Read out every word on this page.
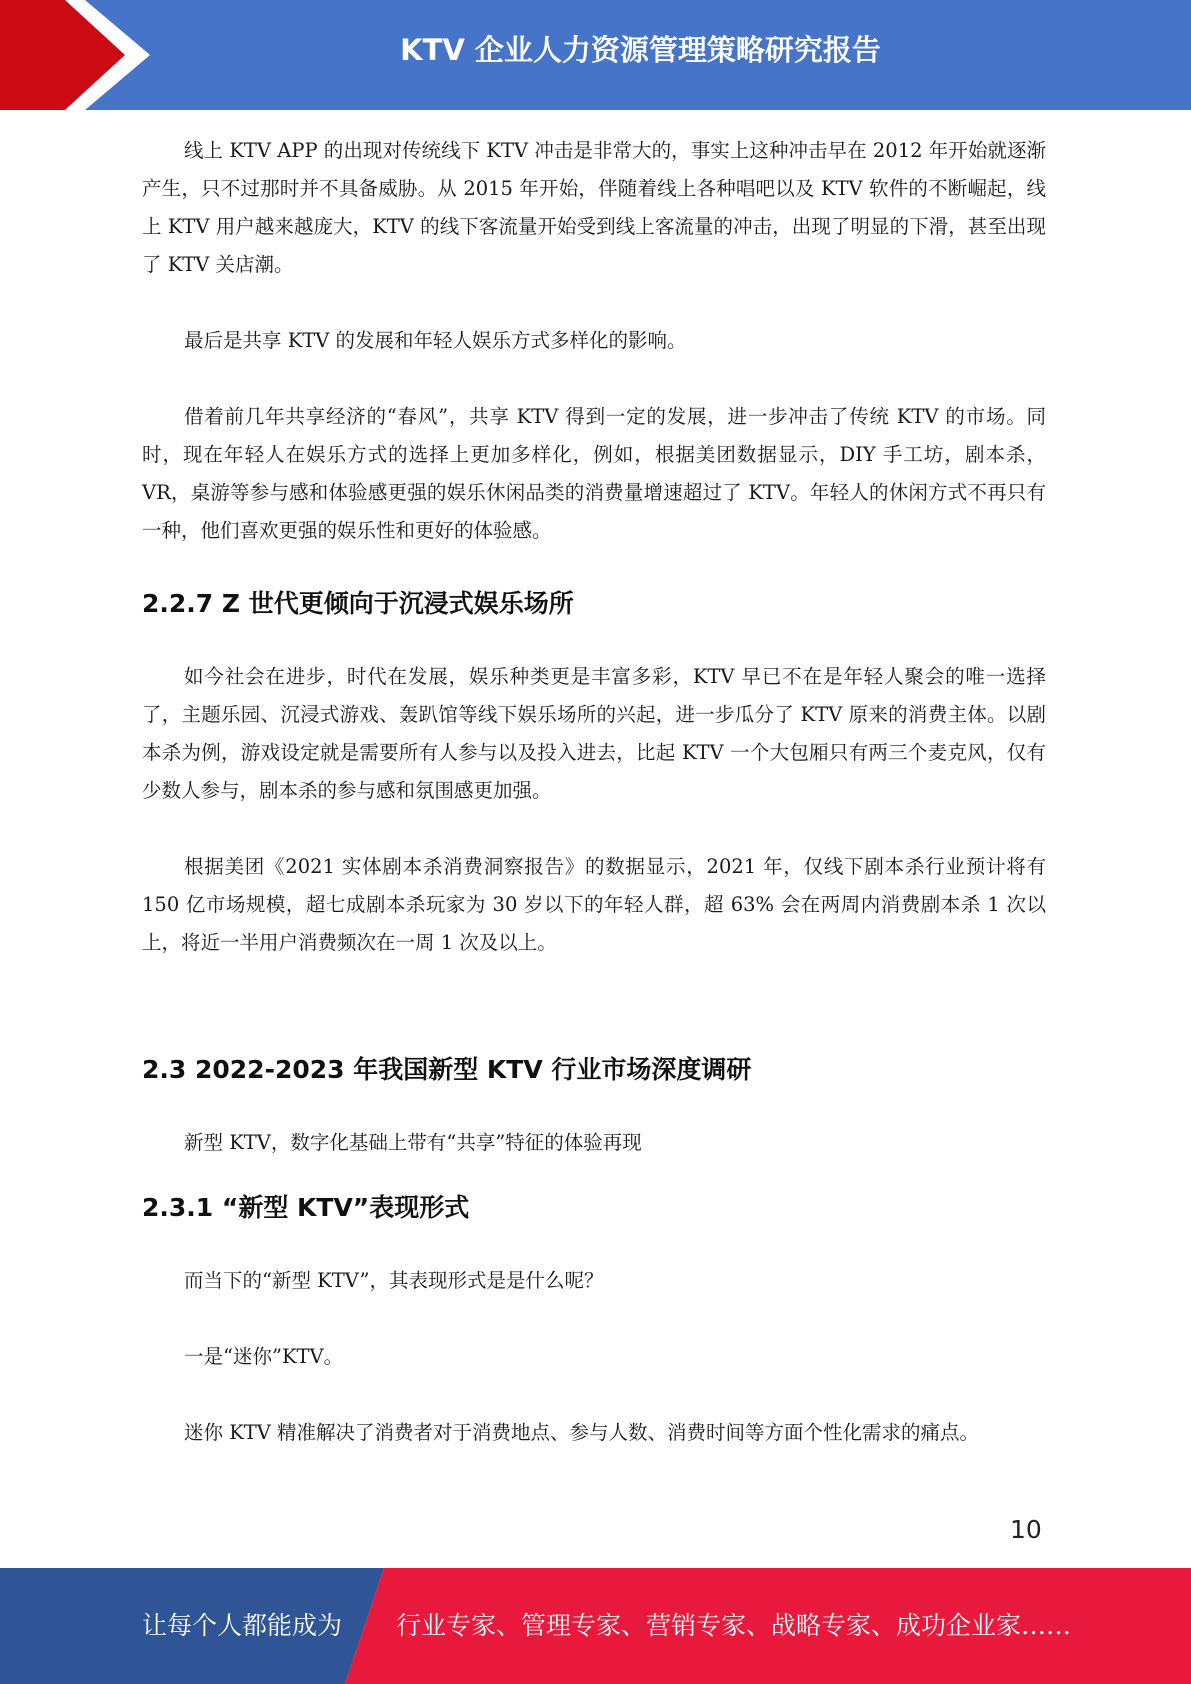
KTV 企业人力资源管理策略研究报告

线上 KTV APP 的出现对传统线下 KTV 冲击是非常大的，事实上这种冲击早在 2012 年开始就逐渐产生，只不过那时并不具备威胁。从 2015 年开始，伴随着线上各种唱吧以及 KTV 软件的不断崛起，线上 KTV 用户越来越庞大，KTV 的线下客流量开始受到线上客流量的冲击，出现了明显的下滑，甚至出现了 KTV 关店潮。

最后是共享 KTV 的发展和年轻人娱乐方式多样化的影响。

借着前几年共享经济的“春风”，共享 KTV 得到一定的发展，进一步冲击了传统 KTV 的市场。同时，现在年轻人在娱乐方式的选择上更加多样化，例如，根据美团数据显示，DIY 手工坊，剧本杀，VR，桌游等参与感和体验感更强的娱乐休闲品类的消费量增速超过了 KTV。年轻人的休闲方式不再只有一种，他们喜欢更强的娱乐性和更好的体验感。

2.2.7 Z 世代更倾向于沉浸式娱乐场所

如今社会在进步，时代在发展，娱乐种类更是丰富多彩，KTV 早已不在是年轻人聚会的唯一选择了，主题乐园、沉浸式游戏、轰趴馆等线下娱乐场所的兴起，进一步瓜分了 KTV 原来的消费主体。以剧本杀为例，游戏设定就是需要所有人参与以及投入进去，比起 KTV 一个大包厢只有两三个麦克风，仅有少数人参与，剧本杀的参与感和氛围感更加强。

根据美团《2021 实体剧本杀消费洞察报告》的数据显示，2021 年，仅线下剧本杀行业预计将有 150 亿市场规模，超七成剧本杀玩家为 30 岁以下的年轻人群，超 63% 会在两周内消费剧本杀 1 次以上，将近一半用户消费频次在一周 1 次及以上。

2.3 2022-2023 年我国新型 KTV 行业市场深度调研

新型 KTV，数字化基础上带有“共享”特征的体验再现

2.3.1 “新型 KTV”表现形式

而当下的“新型 KTV”，其表现形式是是什么呢？

一是“迷你”KTV。

迷你 KTV 精准解决了消费者对于消费地点、参与人数、消费时间等方面个性化需求的痛点。

10
让每个人都能成为 行业专家、管理专家、营销专家、战略专家、成功企业家……
